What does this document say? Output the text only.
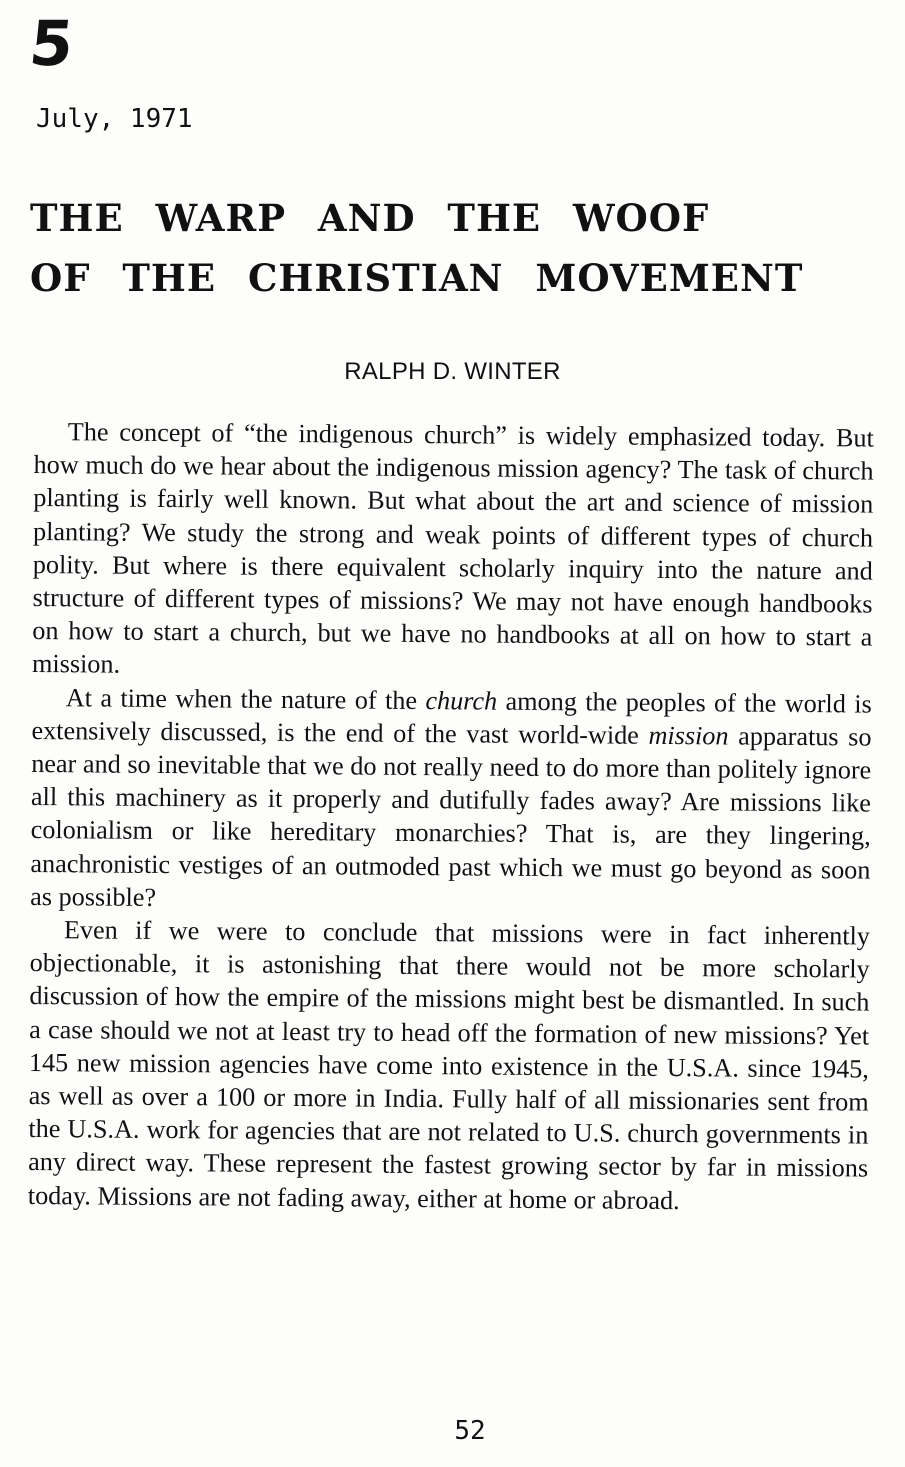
5
July, 1971
THE WARP AND THE WOOF
OF THE CHRISTIAN MOVEMENT
RALPH D. WINTER

The concept of “the indigenous church” is widely emphasized today. But how much do we hear about the indigenous mission agency? The task of church planting is fairly well known. But what about the art and science of mission planting? We study the strong and weak points of different types of church polity. But where is there equivalent scholarly inquiry into the nature and structure of different types of missions? We may not have enough handbooks on how to start a church, but we have no handbooks at all on how to start a mission.

At a time when the nature of the church among the peoples of the world is extensively discussed, is the end of the vast world-wide mission apparatus so near and so inevitable that we do not really need to do more than politely ignore all this machinery as it properly and dutifully fades away? Are missions like colonialism or like hereditary monarchies? That is, are they lingering, anachronistic vestiges of an outmoded past which we must go beyond as soon as possible?

Even if we were to conclude that missions were in fact inherently objectionable, it is astonishing that there would not be more scholarly discussion of how the empire of the missions might best be dismantled. In such a case should we not at least try to head off the formation of new missions? Yet 145 new mission agencies have come into existence in the U.S.A. since 1945, as well as over a 100 or more in India. Fully half of all missionaries sent from the U.S.A. work for agencies that are not related to U.S. church governments in any direct way. These represent the fastest growing sector by far in missions today. Missions are not fading away, either at home or abroad.

52
